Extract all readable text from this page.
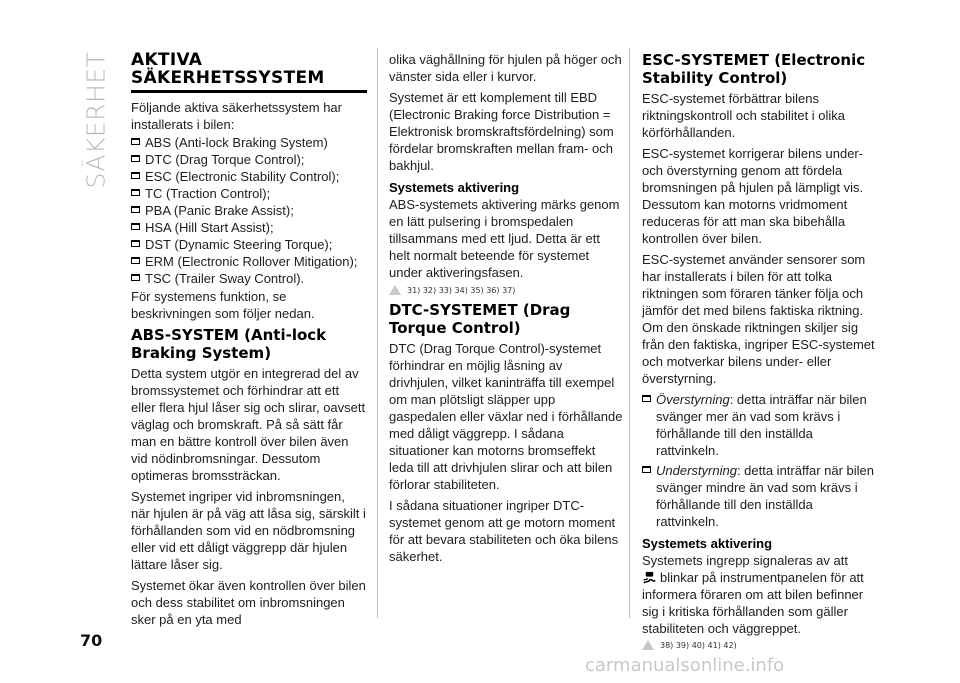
SÄKERHET
70
AKTIVA
SÄKERHETSSYSTEM

Följande aktiva säkerhetssystem har installerats i bilen:

ABS (Anti-lock Braking System)
DTC (Drag Torque Control);
ESC (Electronic Stability Control);
TC (Traction Control);
PBA (Panic Brake Assist);
HSA (Hill Start Assist);
DST (Dynamic Steering Torque);
ERM (Electronic Rollover Mitigation);
TSC (Trailer Sway Control).

För systemens funktion, se beskrivningen som följer nedan.

ABS-SYSTEM (Anti-lock Braking System)

Detta system utgör en integrerad del av bromssystemet och förhindrar att ett eller flera hjul låser sig och slirar, oavsett väglag och bromskraft. På så sätt får man en bättre kontroll över bilen även vid nödinbromsningar. Dessutom optimeras bromssträckan.

Systemet ingriper vid inbromsningen, när hjulen är på väg att låsa sig, särskilt i förhållanden som vid en nödbromsning eller vid ett dåligt väggrepp där hjulen lättare låser sig.

Systemet ökar även kontrollen över bilen och dess stabilitet om inbromsningen sker på en yta med

olika väghållning för hjulen på höger och vänster sida eller i kurvor.

Systemet är ett komplement till EBD (Electronic Braking force Distribution = Elektronisk bromskraftsfördelning) som fördelar bromskraften mellan fram- och bakhjul.

Systemets aktivering

ABS-systemets aktivering märks genom en lätt pulsering i bromspedalen tillsammans med ett ljud. Detta är ett helt normalt beteende för systemet under aktiveringsfasen.

31) 32) 33) 34) 35) 36) 37)
DTC-SYSTEMET (Drag Torque Control)

DTC (Drag Torque Control)-systemet förhindrar en möjlig låsning av drivhjulen, vilket kaninträffa till exempel om man plötsligt släpper upp gaspedalen eller växlar ned i förhållande med dåligt väggrepp. I sådana situationer kan motorns bromseffekt leda till att drivhjulen slirar och att bilen förlorar stabiliteten.

I sådana situationer ingriper DTC-systemet genom att ge motorn moment för att bevara stabiliteten och öka bilens säkerhet.

ESC-SYSTEMET (Electronic Stability Control)

ESC-systemet förbättrar bilens riktningskontroll och stabilitet i olika körförhållanden.

ESC-systemet korrigerar bilens under- och överstyrning genom att fördela bromsningen på hjulen på lämpligt vis. Dessutom kan motorns vridmoment reduceras för att man ska bibehålla kontrollen över bilen.

ESC-systemet använder sensorer som har installerats i bilen för att tolka riktningen som föraren tänker följa och jämför det med bilens faktiska riktning. Om den önskade riktningen skiljer sig från den faktiska, ingriper ESC-systemet och motverkar bilens under- eller överstyrning.

Överstyrning: detta inträffar när bilen svänger mer än vad som krävs i förhållande till den inställda rattvinkeln.
Understyrning: detta inträffar när bilen svänger mindre än vad som krävs i förhållande till den inställda rattvinkeln.
Systemets aktivering

Systemets ingrepp signaleras av att
blinkar på instrumentpanelen för att informera föraren om att bilen befinner sig i kritiska förhållanden som gäller stabiliteten och väggreppet.

38) 39) 40) 41) 42)
carmanualsonline.info
